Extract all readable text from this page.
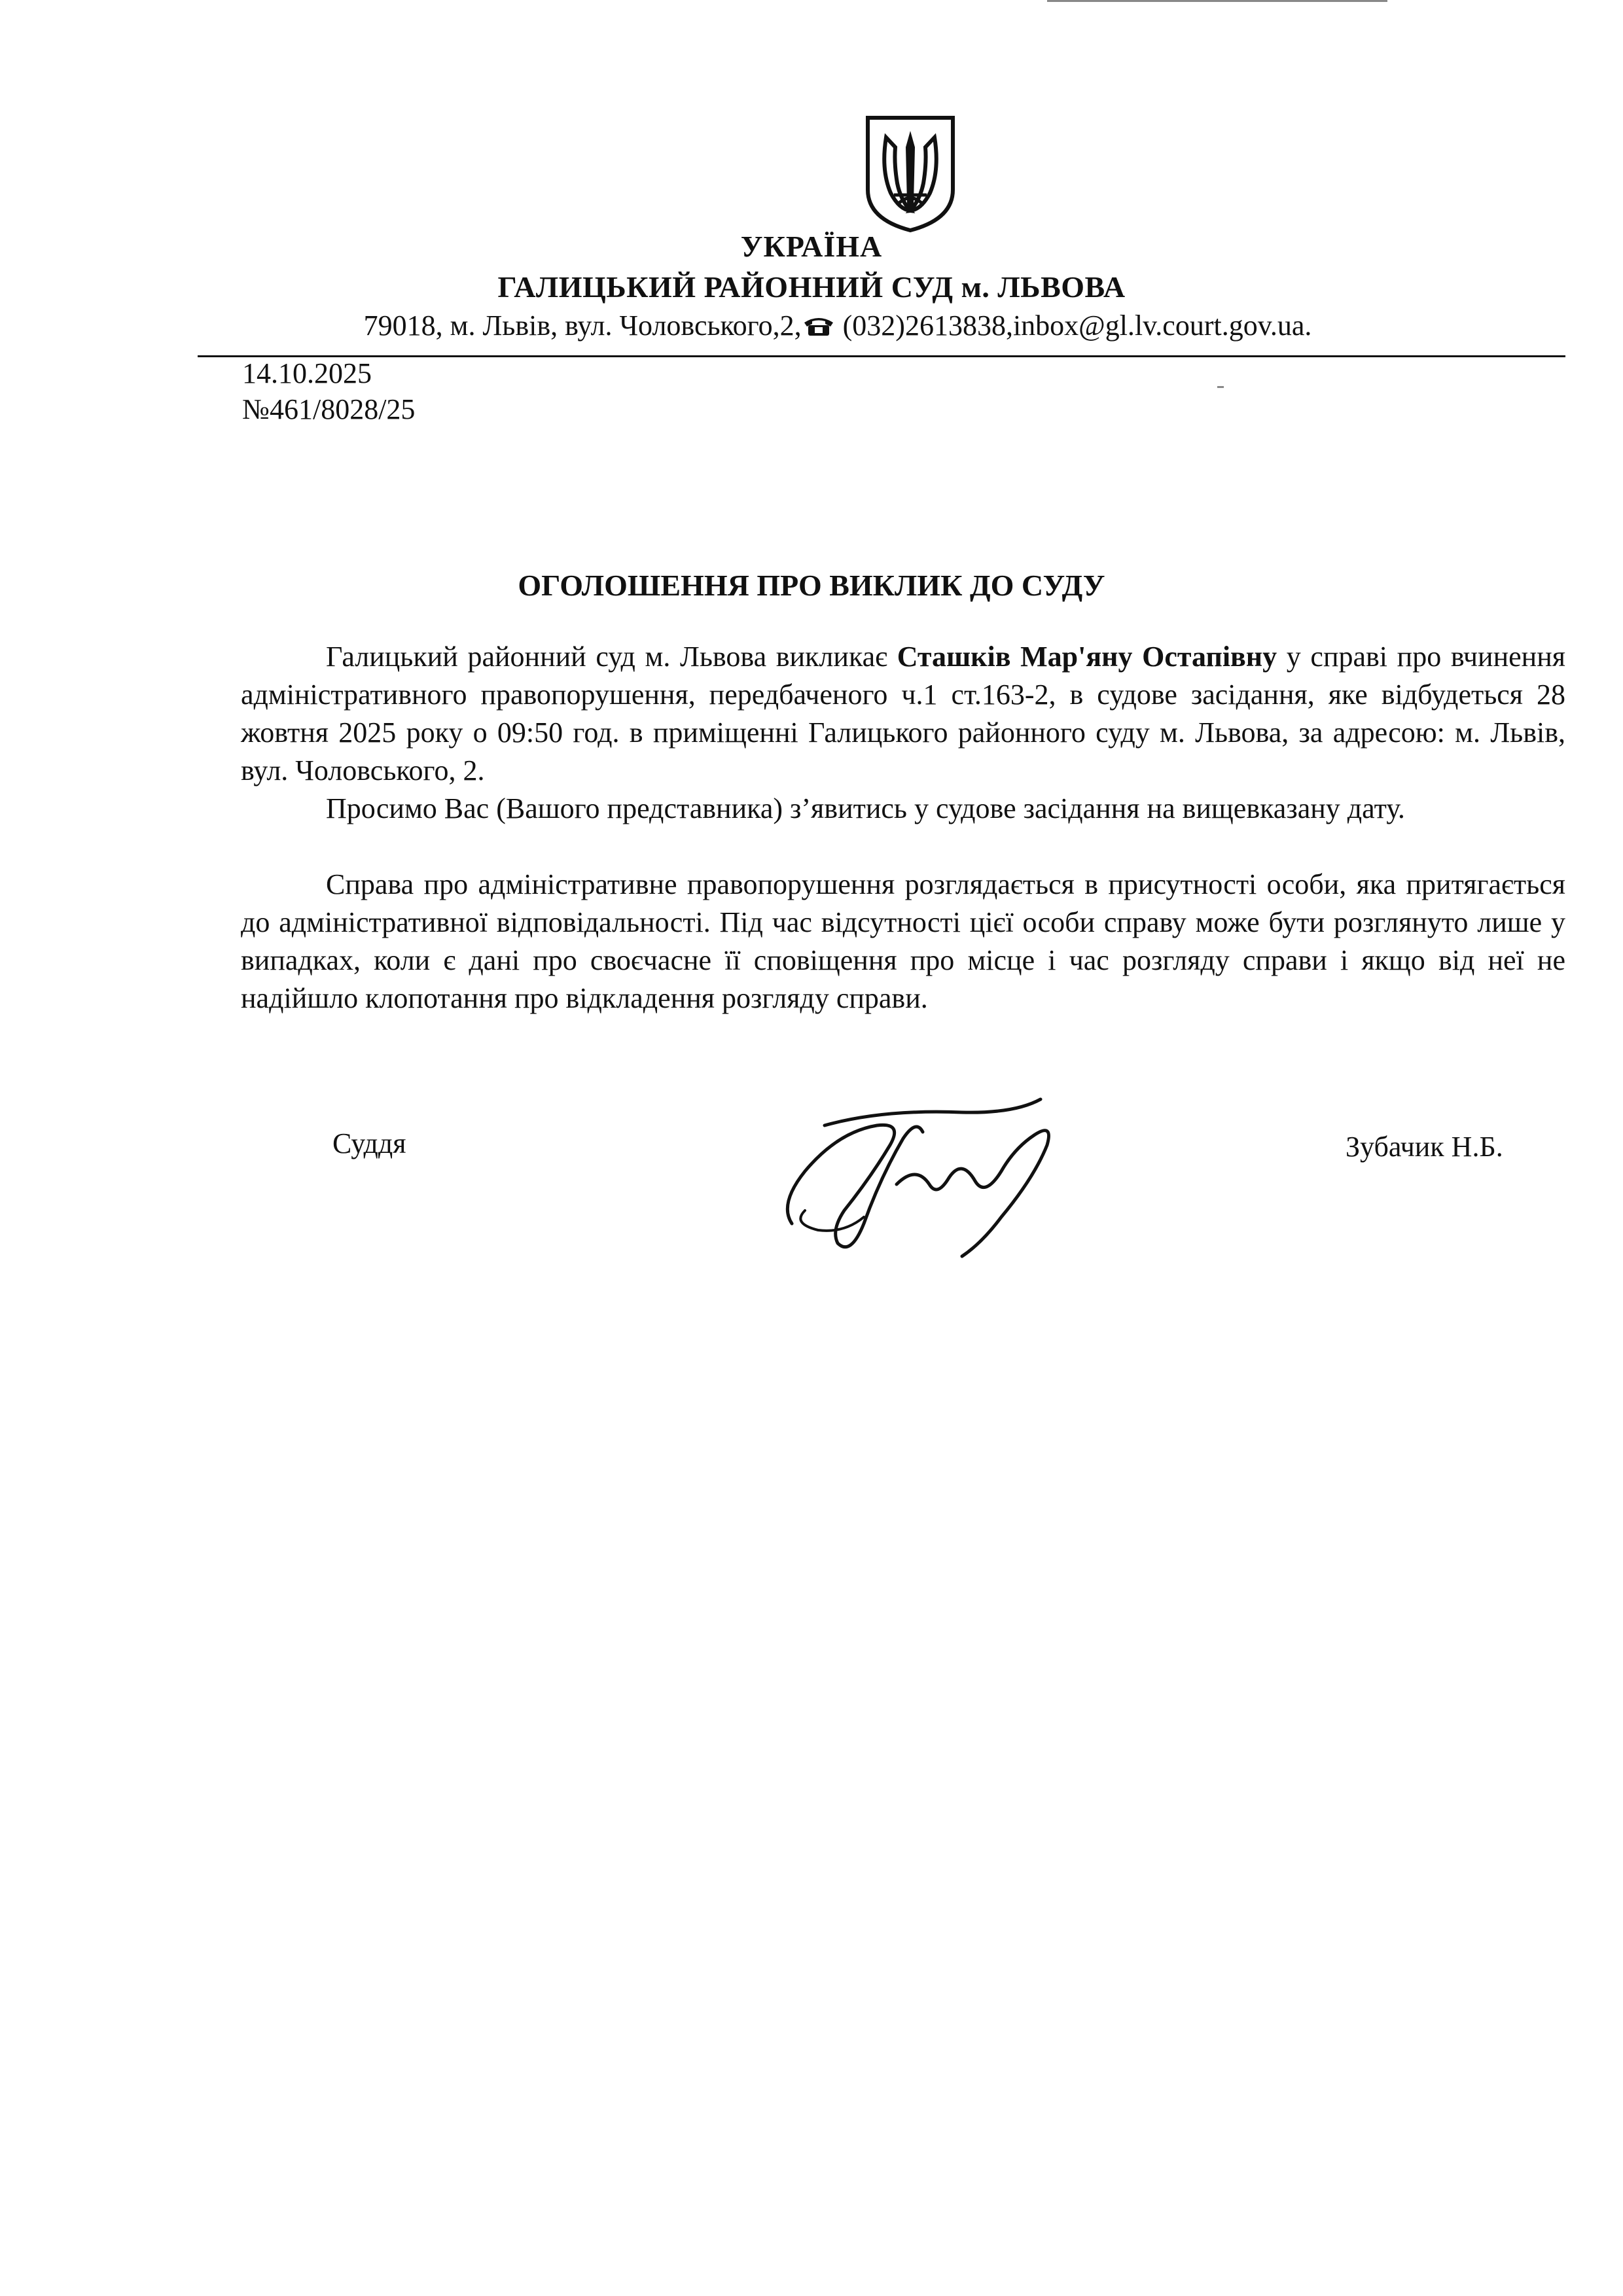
УКРАЇНА
ГАЛИЦЬКИЙ РАЙОННИЙ СУД м. ЛЬВОВА
79018, м. Львів, вул. Чоловського,2, (032)2613838,inbox@gl.lv.court.gov.ua.
14.10.2025
№461/8028/25
ОГОЛОШЕННЯ ПРО ВИКЛИК ДО СУДУ
Галицький районний суд м. Львова викликає Сташків Мар'яну Остапівну у справі про вчинення адміністративного правопорушення, передбаченого ч.1 ст.163-2, в судове засідання, яке відбудеться 28 жовтня 2025 року о 09:50 год. в приміщенні Галицького районного суду м. Львова, за адресою: м. Львів, вул. Чоловського, 2.
Просимо Вас (Вашого представника) з’явитись у судове засідання на вищевказану дату.
Справа про адміністративне правопорушення розглядається в присутності особи, яка притягається до адміністративної відповідальності. Під час відсутності цієї особи справу може бути розглянуто лише у випадках, коли є дані про своєчасне її сповіщення про місце і час розгляду справи і якщо від неї не надійшло клопотання про відкладення розгляду справи.
Суддя	Зубачик Н.Б.
